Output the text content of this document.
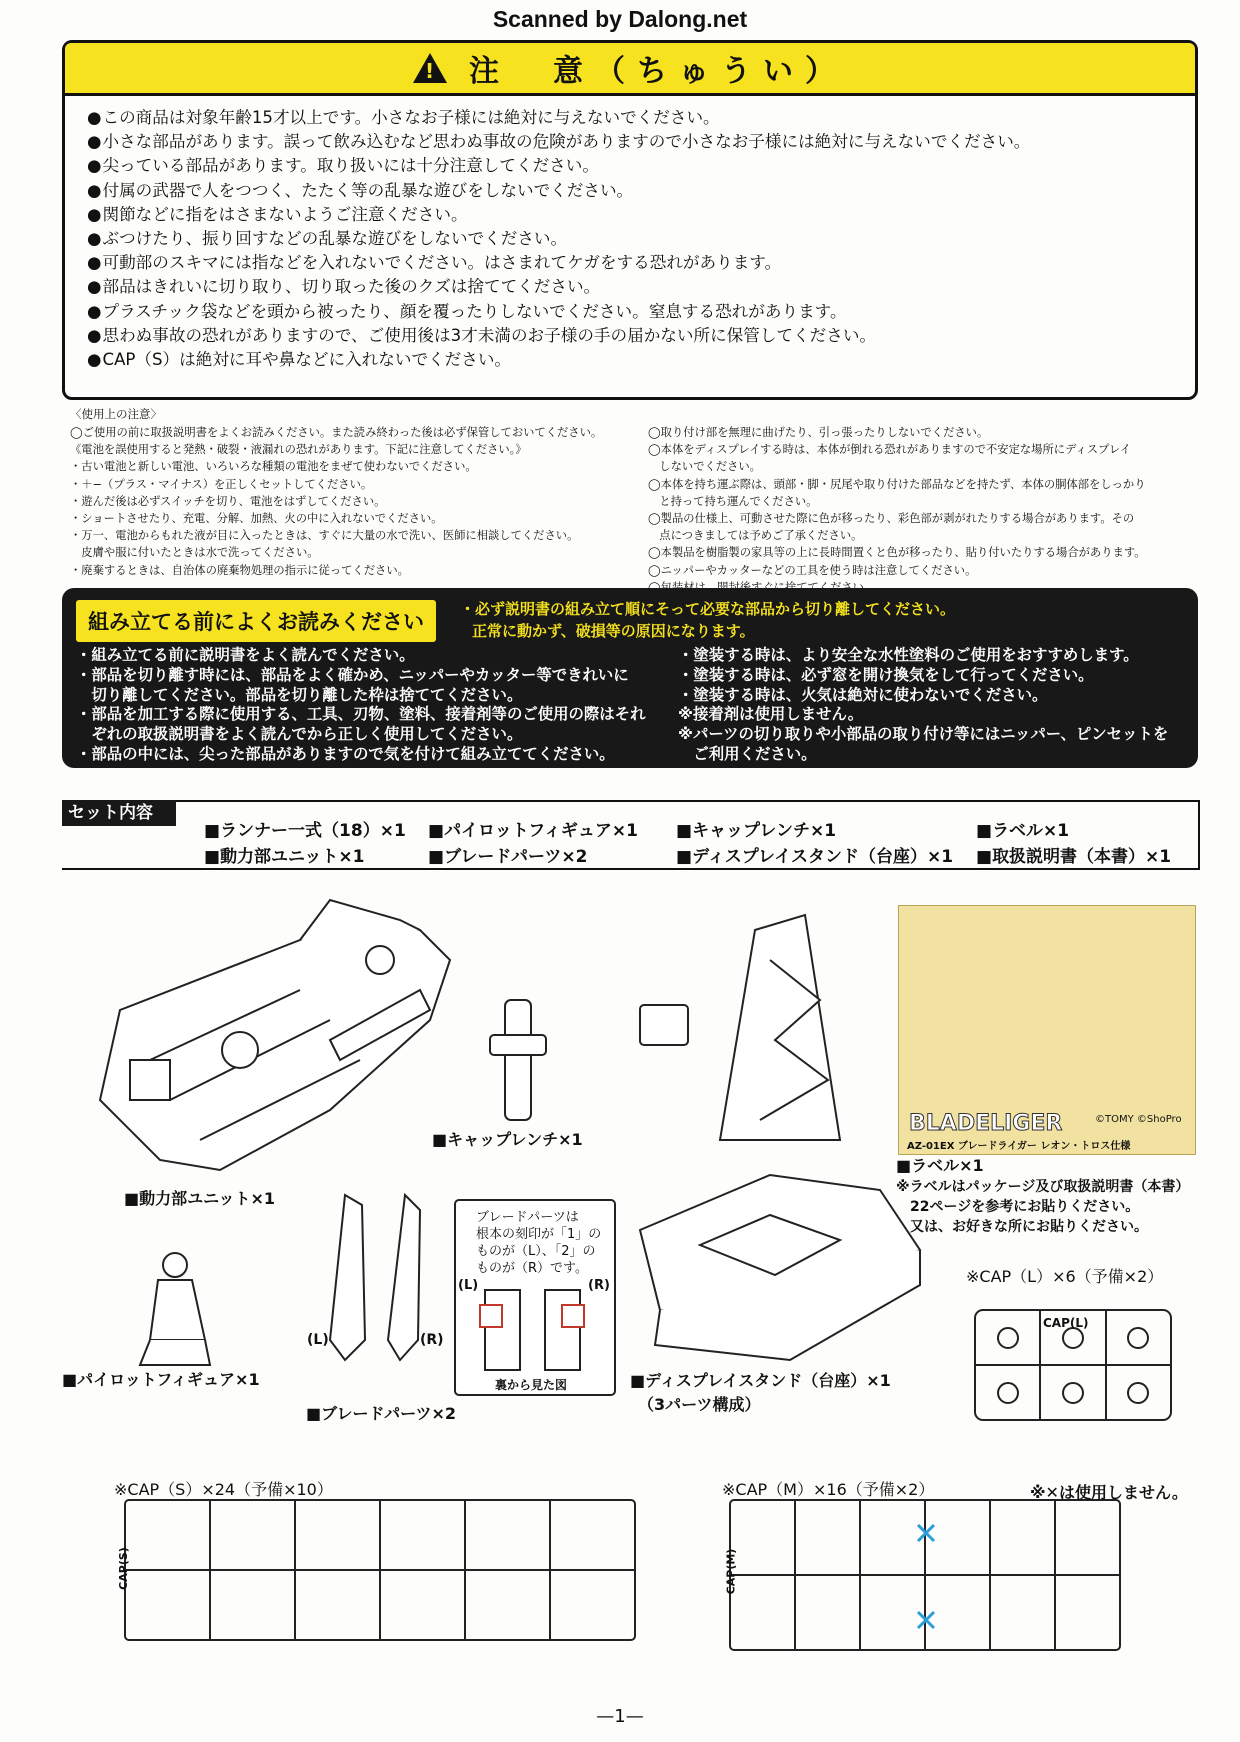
Scanned by Dalong.net
!
注　意（ちゅうい）
● この商品は対象年齢15才以上です。小さなお子様には絶対に与えないでください。
● 小さな部品があります。誤って飲み込むなど思わぬ事故の危険がありますので小さなお子様には絶対に与えないでください。
● 尖っている部品があります。取り扱いには十分注意してください。
● 付属の武器で人をつつく、たたく等の乱暴な遊びをしないでください。
● 関節などに指をはさまないようご注意ください。
● ぶつけたり、振り回すなどの乱暴な遊びをしないでください。
● 可動部のスキマには指などを入れないでください。はさまれてケガをする恐れがあります。
● 部品はきれいに切り取り、切り取った後のクズは捨ててください。
● プラスチック袋などを頭から被ったり、顔を覆ったりしないでください。窒息する恐れがあります。
● 思わぬ事故の恐れがありますので、ご使用後は3才未満のお子様の手の届かない所に保管してください。
● CAP（S）は絶対に耳や鼻などに入れないでください。
〈使用上の注意〉

◯ご使用の前に取扱説明書をよくお読みください。また読み終わった後は必ず保管しておいてください。

《電池を誤使用すると発熱・破裂・液漏れの恐れがあります。下記に注意してください。》

・古い電池と新しい電池、いろいろな種類の電池をまぜて使わないでください。

・＋−（プラス・マイナス）を正しくセットしてください。

・遊んだ後は必ずスイッチを切り、電池をはずしてください。

・ショートさせたり、充電、分解、加熱、火の中に入れないでください。

・万一、電池からもれた液が目に入ったときは、すぐに大量の水で洗い、医師に相談してください。

　皮膚や服に付いたときは水で洗ってください。

・廃棄するときは、自治体の廃棄物処理の指示に従ってください。

◯取り付け部を無理に曲げたり、引っ張ったりしないでください。

◯本体をディスプレイする時は、本体が倒れる恐れがありますので不安定な場所にディスプレイ

　しないでください。

◯本体を持ち運ぶ際は、頭部・脚・尻尾や取り付けた部品などを持たず、本体の胴体部をしっかり

　と持って持ち運んでください。

◯製品の仕様上、可動させた際に色が移ったり、彩色部が剥がれたりする場合があります。その

　点につきましては予めご了承ください。

◯本製品を樹脂製の家具等の上に長時間置くと色が移ったり、貼り付いたりする場合があります。

◯ニッパーやカッターなどの工具を使う時は注意してください。

組み立てる前によくお読みください
・必ず説明書の組み立て順にそって必要な部品から切り離してください。
正常に動かず、破損等の原因になります。

・組み立てる前に説明書をよく読んでください。

・部品を切り離す時には、部品をよく確かめ、ニッパーやカッター等できれいに

　切り離してください。部品を切り離した枠は捨ててください。

・部品を加工する際に使用する、工具、刃物、塗料、接着剤等のご使用の際はそれ

　ぞれの取扱説明書をよく読んでから正しく使用してください。

・部品の中には、尖った部品がありますので気を付けて組み立ててください。

・塗装する時は、より安全な水性塗料のご使用をおすすめします。

・塗装する時は、必ず窓を開け換気をして行ってください。

・塗装する時は、火気は絶対に使わないでください。

※接着剤は使用しません。

※パーツの切り取りや小部品の取り付け等にはニッパー、ピンセットを

　ご利用ください。

セット内容
■ ランナー一式（18）×1	■ パイロットフィギュア×1	■ キャップレンチ×1	■ ラベル×1
■ 動力部ユニット×1	■ ブレードパーツ×2	■ ディスプレイスタンド（台座）×1	■ 取扱説明書（本書）×1
BLADELIGER	©TOMY ©ShoPro
AZ-01EX ブレードライガー レオン・トロス仕様
■動力部ユニット×1
■キャップレンチ×1
■ラベル×1
※ラベルはパッケージ及び取扱説明書（本書）
　22ページを参考にお貼りください。
　又は、お好きな所にお貼りください。
■パイロットフィギュア×1
■ブレードパーツ×2
(L)	(R)
ブレードパーツは
根本の刻印が「1」の
ものが（L）、「2」の
ものが（R）です。
(L)	(R)
裏から見た図	■ディスプレイスタンド（台座）×1
（3パーツ構成）
※CAP（L）×6（予備×2）
CAP(L)
※CAP（S）×24（予備×10）
CAP(S)
※CAP（M）×16（予備×2）
CAP(M)
※✕は使用しません。
—1—
